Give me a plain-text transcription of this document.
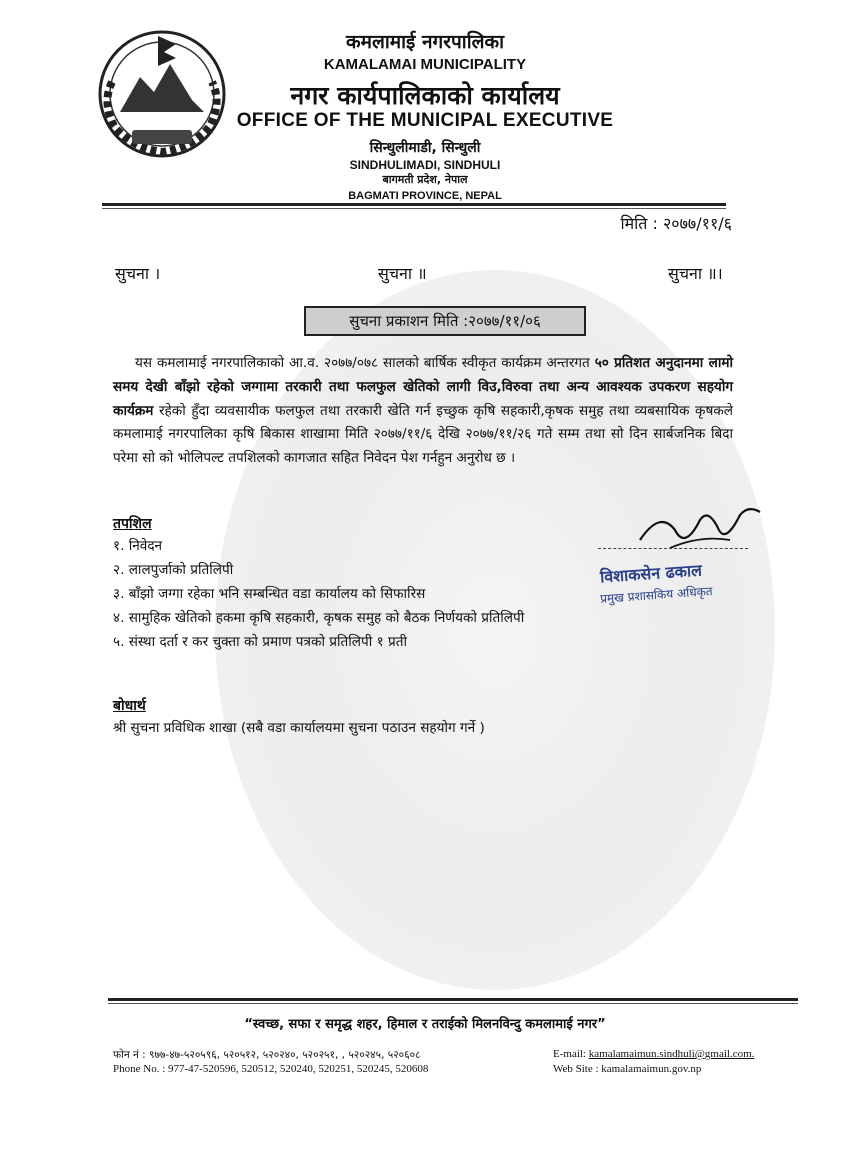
कमलामाई नगरपालिका
KAMALAMAI MUNICIPALITY
नगर कार्यपालिकाको कार्यालय
OFFICE OF THE MUNICIPAL EXECUTIVE
सिन्धुलीमाडी, सिन्धुली
SINDHULIMADI, SINDHULI
बागमती प्रदेश, नेपाल
BAGMATI PROVINCE, NEPAL
मिति : २०७७/११/६
सुचना ।	सुचना ॥	सुचना ॥।
सुचना प्रकाशन मिति :२०७७/११/०६
यस कमलामाई नगरपालिकाको आ.व. २०७७/०७८ सालको बार्षिक स्वीकृत कार्यक्रम अन्तरगत ५० प्रतिशत अनुदानमा लामो समय देखी बाँझो रहेको जग्गामा तरकारी तथा फलफुल खेतिको लागी विउ,विरुवा तथा अन्य आवश्यक उपकरण सहयोग कार्यक्रम रहेको हुँदा व्यवसायीक फलफुल तथा तरकारी खेति गर्न इच्छुक कृषि सहकारी,कृषक समुह तथा व्यबसायिक कृषकले कमलामाई नगरपालिका कृषि बिकास शाखामा मिति २०७७/११/६ देखि २०७७/११/२६ गते सम्म तथा सो दिन सार्बजनिक बिदा परेमा सो को भोलिपल्ट तपशिलको कागजात सहित निवेदन पेश गर्नहुन अनुरोध छ ।
तपशिल
१. निवेदन
२. लालपुर्जाको प्रतिलिपी
३. बाँझो जग्गा रहेका भनि सम्बन्धित वडा कार्यालय को सिफारिस
४. सामुहिक खेतिको हकमा कृषि सहकारी, कृषक समुह को बैठक निर्णयको प्रतिलिपी
५. संस्था दर्ता र कर चुक्ता को प्रमाण पत्रको प्रतिलिपी १ प्रती
विशाकसेन ढकाल
प्रमुख प्रशासकिय अधिकृत
बोधार्थ
श्री सुचना प्रविधिक शाखा (सबै वडा कार्यालयमा सुचना पठाउन सहयोग गर्ने )
“स्वच्छ, सफा र समृद्ध शहर, हिमाल र तराईको मिलनविन्दु कमलामाई नगर”
फोन नं : ९७७-४७-५२०५९६, ५२०५१२, ५२०२४०, ५२०२५१, , ५२०२४५, ५२०६०८
Phone No. : 977-47-520596, 520512, 520240, 520251, 520245, 520608
E-mail: kamalamaimun.sindhuli@gmail.com.
Web Site : kamalamaimun.gov.np
